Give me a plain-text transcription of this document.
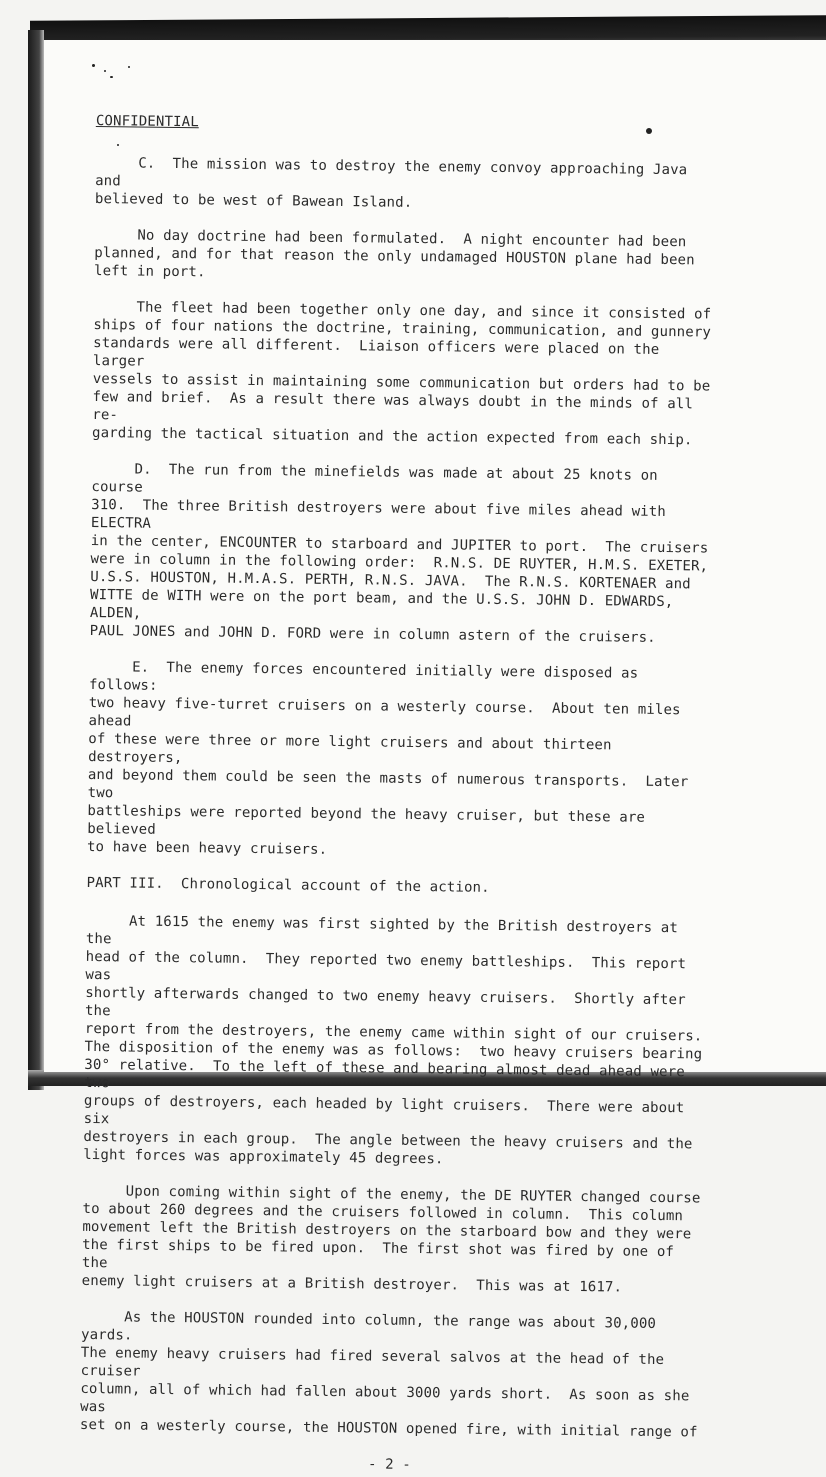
CONFIDENTIAL

C.  The mission was to destroy the enemy convoy approaching Java and
believed to be west of Bawean Island.

No day doctrine had been formulated.  A night encounter had been
planned, and for that reason the only undamaged HOUSTON plane had been
left in port.

The fleet had been together only one day, and since it consisted of
ships of four nations the doctrine, training, communication, and gunnery
standards were all different.  Liaison officers were placed on the larger
vessels to assist in maintaining some communication but orders had to be
few and brief.  As a result there was always doubt in the minds of all re-
garding the tactical situation and the action expected from each ship.

D.  The run from the minefields was made at about 25 knots on course
310.  The three British destroyers were about five miles ahead with ELECTRA
in the center, ENCOUNTER to starboard and JUPITER to port.  The cruisers
were in column in the following order:  R.N.S. DE RUYTER, H.M.S. EXETER,
U.S.S. HOUSTON, H.M.A.S. PERTH, R.N.S. JAVA.  The R.N.S. KORTENAER and
WITTE de WITH were on the port beam, and the U.S.S. JOHN D. EDWARDS, ALDEN,
PAUL JONES and JOHN D. FORD were in column astern of the cruisers.

E.  The enemy forces encountered initially were disposed as follows:
two heavy five-turret cruisers on a westerly course.  About ten miles ahead
of these were three or more light cruisers and about thirteen destroyers,
and beyond them could be seen the masts of numerous transports.  Later two
battleships were reported beyond the heavy cruiser, but these are believed
to have been heavy cruisers.

PART III.  Chronological account of the action.

At 1615 the enemy was first sighted by the British destroyers at the
head of the column.  They reported two enemy battleships.  This report was
shortly afterwards changed to two enemy heavy cruisers.  Shortly after the
report from the destroyers, the enemy came within sight of our cruisers.
The disposition of the enemy was as follows:  two heavy cruisers bearing
30° relative.  To the left of these and bearing almost dead ahead were two
groups of destroyers, each headed by light cruisers.  There were about six
destroyers in each group.  The angle between the heavy cruisers and the
light forces was approximately 45 degrees.

Upon coming within sight of the enemy, the DE RUYTER changed course
to about 260 degrees and the cruisers followed in column.  This column
movement left the British destroyers on the starboard bow and they were
the first ships to be fired upon.  The first shot was fired by one of the
enemy light cruisers at a British destroyer.  This was at 1617.

As the HOUSTON rounded into column, the range was about 30,000 yards.
The enemy heavy cruisers had fired several salvos at the head of the cruiser
column, all of which had fallen about 3000 yards short.  As soon as she was
set on a westerly course, the HOUSTON opened fire, with initial range of

- 2 -
